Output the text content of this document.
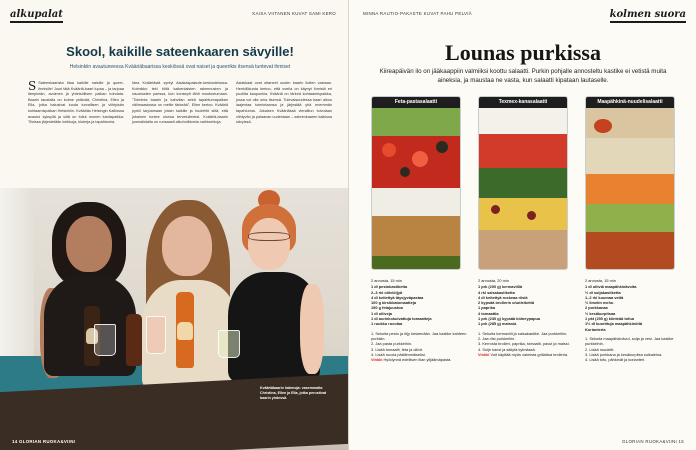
alkupalat	KAISA VIITANEN KUVAT SAMI KERO
Skool, kaikille sateenkaaren sävyille!
Helsinkiin avautuneessa Kvääriäbaarissa keskiössä ovat naiset ja queerikis itsensä tuntevat ihmiset
S Sateenkaarista tilaa kaikille naisille ja queer-ihmisille! Juuri tätä Kvääriä-baari lupaa – ja tarjoaa lämpimän, avoimen ja yhteisöllisen paikan kohdata. Baarin taustalla on kolme ystävää, Christina, Ellen ja Ella, jotka halusivat luoda turvallisen ja viihtyisän kohtaamispaikan Helsinkiin. Kvääriäs Helsingin Kalliossa avautui syksyllä ja siitä on tullut monen kantapaikka. Tiloissa järjestetään keikkoja, klubeja ja tapahtumia.
Idea Kvääriästä syntyi Asiakaspalaute-keskustelussa. Kolmikko teki töitä kaikenlaisten rakennusten ja sisustusten parissa, kun konsepti lähti muotoutumaan. "Toiminta baarin ja kahvilan sekä tapahtumapaikan välimaastossa on meille tärkeää", Ellen kertoo. Kvääriä pyrkii tarjoamaan jotain kaikille ja huolehtii siitä, että jokainen tuntee olonsa tervetulleeksi. Kvääriä-baarin juomalistalla on runsaasti alkoholittomia vaihtoehtoja.
Asiakkaat ovat ottaneet uuden baarin iloiten vastaan. Henkilökunta kertoo, että ovella on käynyt ihmisiä eri puolilta kaupunkia. Kvääriä on tärkeä kohtaamispaikka, jossa voi olla oma itsensä. Tulevaisuudessa baari aikoo laajentaa toimintaansa ja järjestää yhä enemmän tapahtumia. Jokaisen Kvääriässä vieraillun toivotaan viihtyvän ja palaavan uudestaan – sateenkaaren kaikissa sävyissä.
Kvääriäbaarin hahmoja: vasemmalta Christina, Ellen ja Ella, jotka perustivat baarin yhdessä.
14 GLORIAN RUOKA&VIINI
MINNA RAUTIO-PAKASTE KUVAT PAHU PELVIÄ	kolmen suora
Lounas purkissa
Kiireapäivän ilo on jääkaappiin valmiiksi koottu salaatti. Purkin pohjalle annosteltu kastike ei vetistä muita aineksia, ja maustaa ne vasta, kun salaatti kipataan lautaselle.
Feta-pastasalaatti	Texmex-kanasalaatti	Maapähkinä-nuudelisalaatti
2 annosta, 15 min
1 dl pestokastiketta
2–3 rkl oliiviöljyä
4 dl keitettyä täysjyväpastaa
100 g kirsikkatomaatteja
150 g fetajuustoa
1 dl oliiveja
1 dl aurinkokuivattuja tomaatteja
1 ruukku rucolaa
1. Sekoita pesto ja öljy keskenään. Jaa kastike kahteen purkkiin.
2. Jaa pasta purkkeihin.
3. Lisää tomaatit, feta ja oliivit.
4. Lisää rucola päällimmäiseksi.
Vinkki Hyödynnä edellisen illan ylijäämäpasta.
2 annosta, 20 min
1 prk (200 g) kermaviiliä
4 rkl salsakastiketta
4 dl keitettyä ruskeaa riisiä
2 kypsää broilerin ohutleikettä
1 paprika
4 tomaattia
1 prk (230 g) kypsää kidneypapua
1 prk (285 g) maissia
1. Sekoita kermaviili ja salsakastike. Jaa purkkeihin.
2. Jaa riisi purkkeihin.
3. Kerrosta broileri, paprika, tomaatti, pavut ja maissi.
4. Sulje kansi ja säilytä kylmässä.
Vinkki Voit käyttää myös valmista grillattua broileria.
2 annosta, 15 min
1 dl oliiviä maapähkinävoita
½ dl soijakastiketta
1–2 rkl kuumaa vettä
½ limetin mehu
2 porkkanaa
½ kesäkurpitsaa
1 pkt (250 g) kiinteää tofua
1½ dl kuorittuja maapähkinöitä
Korianteria
1. Sekoita maapähkinävoi, soija ja vesi. Jaa kastike purkkeihin.
2. Lisää nuudelit.
3. Lisää porkkana ja kesäkurpitsa suikaleina.
4. Lisää tofu, pähkinät ja korianteri.
GLORIAN RUOKA&VIINI 15
